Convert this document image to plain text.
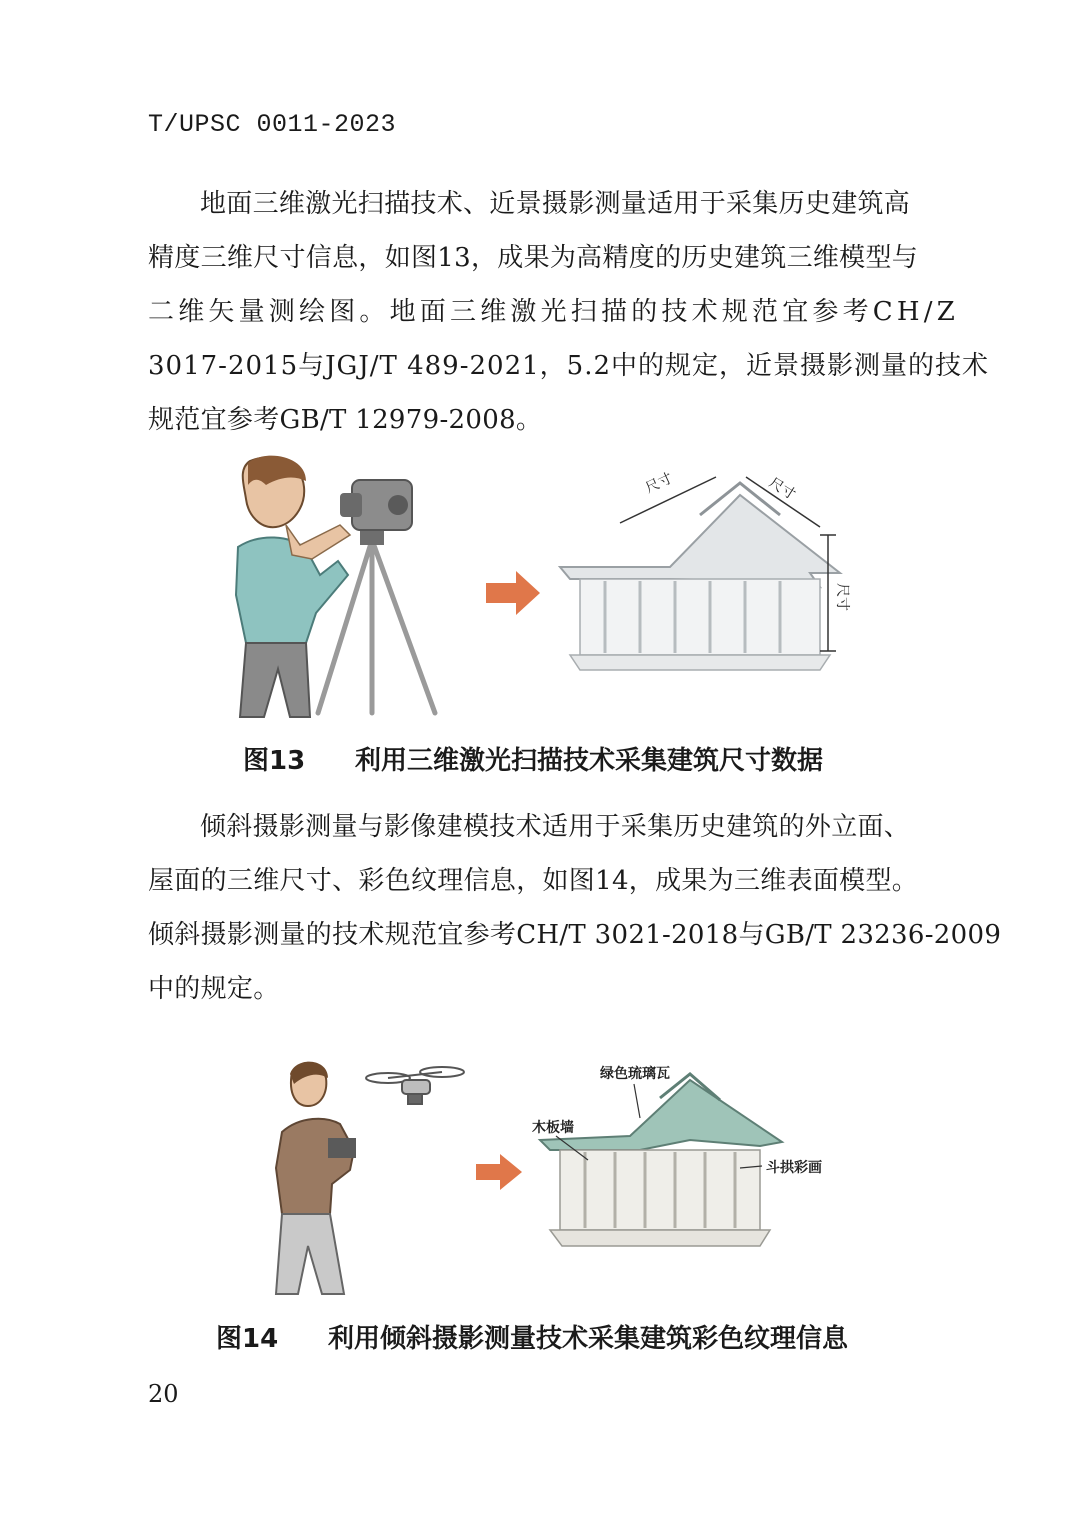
T/UPSC 0011-2023
地面三维激光扫描技术、近景摄影测量适用于采集历史建筑高
精度三维尺寸信息，如图13，成果为高精度的历史建筑三维模型与
二维矢量测绘图。地面三维激光扫描的技术规范宜参考CH/Z
3017-2015与JGJ/T 489-2021，5.2中的规定，近景摄影测量的技术
规范宜参考GB/T 12979-2008。
尺寸	尺寸
尺寸
图13 利用三维激光扫描技术采集建筑尺寸数据
倾斜摄影测量与影像建模技术适用于采集历史建筑的外立面、
屋面的三维尺寸、彩色纹理信息，如图14，成果为三维表面模型。
倾斜摄影测量的技术规范宜参考CH/T 3021-2018与GB/T 23236-2009
中的规定。
绿色琉璃瓦
木板墙
斗拱彩画
图14 利用倾斜摄影测量技术采集建筑彩色纹理信息
20
